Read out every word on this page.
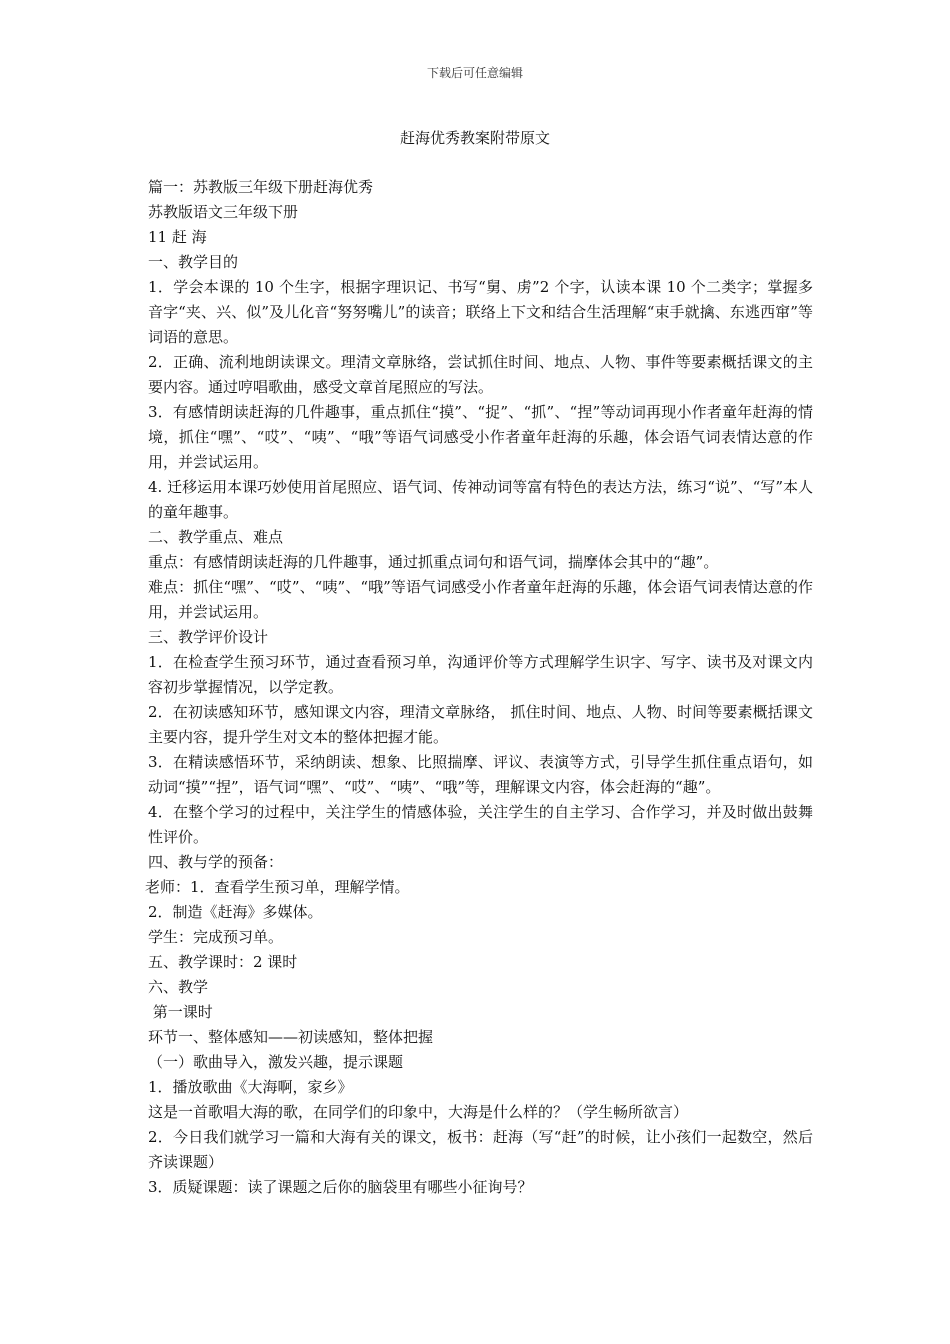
下载后可任意编辑
赶海优秀教案附带原文

篇一：苏教版三年级下册赶海优秀

苏教版语文三年级下册

11 赶 海

一、教学目的

1．学会本课的 10 个生字，根据字理识记、书写“舅、虏”2 个字，认读本课 10 个二类字；掌握多音字“夹、兴、似”及儿化音“努努嘴儿”的读音；联络上下文和结合生活理解“束手就擒、东逃西窜”等词语的意思。

2．正确、流利地朗读课文。理清文章脉络，尝试抓住时间、地点、人物、事件等要素概括课文的主要内容。通过哼唱歌曲，感受文章首尾照应的写法。

3．有感情朗读赶海的几件趣事，重点抓住“摸”、“捉”、“抓”、“捏”等动词再现小作者童年赶海的情境，抓住“嘿”、“哎”、“咦”、“哦”等语气词感受小作者童年赶海的乐趣，体会语气词表情达意的作用，并尝试运用。

4. 迁移运用本课巧妙使用首尾照应、语气词、传神动词等富有特色的表达方法，练习“说”、“写”本人的童年趣事。

二、教学重点、难点

重点：有感情朗读赶海的几件趣事，通过抓重点词句和语气词，揣摩体会其中的“趣”。

难点：抓住“嘿”、“哎”、“咦”、“哦”等语气词感受小作者童年赶海的乐趣，体会语气词表情达意的作用，并尝试运用。

三、教学评价设计

1．在检查学生预习环节，通过查看预习单，沟通评价等方式理解学生识字、写字、读书及对课文内容初步掌握情况，以学定教。

2．在初读感知环节，感知课文内容，理清文章脉络， 抓住时间、地点、人物、时间等要素概括课文主要内容，提升学生对文本的整体把握才能。

3．在精读感悟环节，采纳朗读、想象、比照揣摩、评议、表演等方式，引导学生抓住重点语句，如动词“摸”“捏”，语气词“嘿”、“哎”、“咦”、“哦”等，理解课文内容，体会赶海的“趣”。

4．在整个学习的过程中，关注学生的情感体验，关注学生的自主学习、合作学习，并及时做出鼓舞性评价。

四、教与学的预备：

老师：1．查看学生预习单，理解学情。

2．制造《赶海》多媒体。

学生：完成预习单。

五、教学课时：2 课时

六、教学

第一课时

环节一、整体感知——初读感知，整体把握

（一）歌曲导入，激发兴趣，提示课题

1．播放歌曲《大海啊，家乡》

这是一首歌唱大海的歌，在同学们的印象中，大海是什么样的？（学生畅所欲言）

2．今日我们就学习一篇和大海有关的课文，板书：赶海（写“赶”的时候，让小孩们一起数空，然后齐读课题）

3．质疑课题：读了课题之后你的脑袋里有哪些小征询号？
